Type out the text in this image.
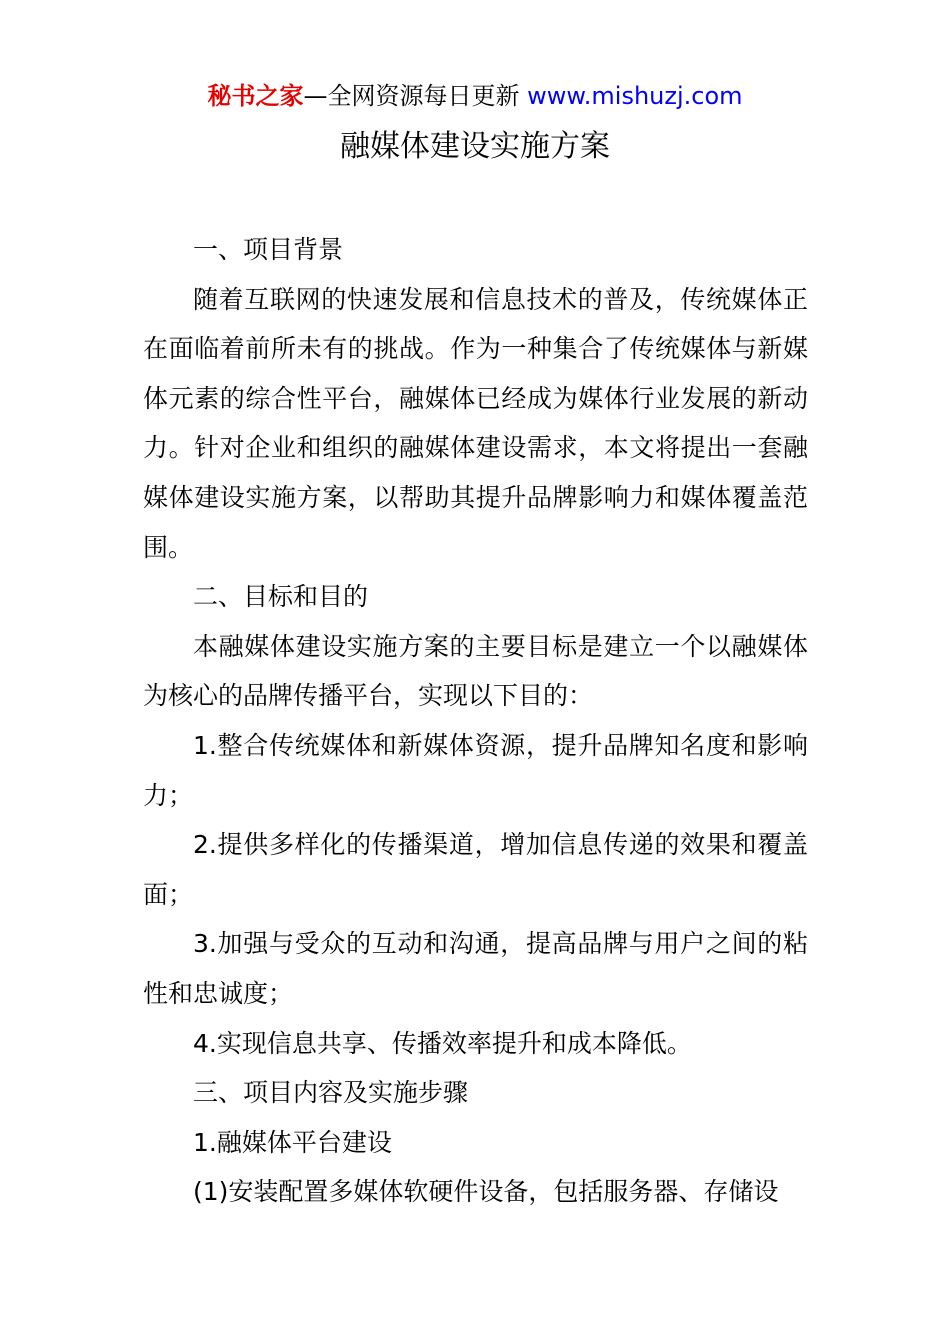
秘书之家—全网资源每日更新 www.mishuzj.com
融媒体建设实施方案

一、项目背景

随着互联网的快速发展和信息技术的普及，传统媒体正在面临着前所未有的挑战。作为一种集合了传统媒体与新媒体元素的综合性平台，融媒体已经成为媒体行业发展的新动力。针对企业和组织的融媒体建设需求，本文将提出一套融媒体建设实施方案，以帮助其提升品牌影响力和媒体覆盖范围。

二、目标和目的

本融媒体建设实施方案的主要目标是建立一个以融媒体为核心的品牌传播平台，实现以下目的：

1.整合传统媒体和新媒体资源，提升品牌知名度和影响力；

2.提供多样化的传播渠道，增加信息传递的效果和覆盖面；

3.加强与受众的互动和沟通，提高品牌与用户之间的粘性和忠诚度；

4.实现信息共享、传播效率提升和成本降低。

三、项目内容及实施步骤

1.融媒体平台建设

(1)安装配置多媒体软硬件设备，包括服务器、存储设
